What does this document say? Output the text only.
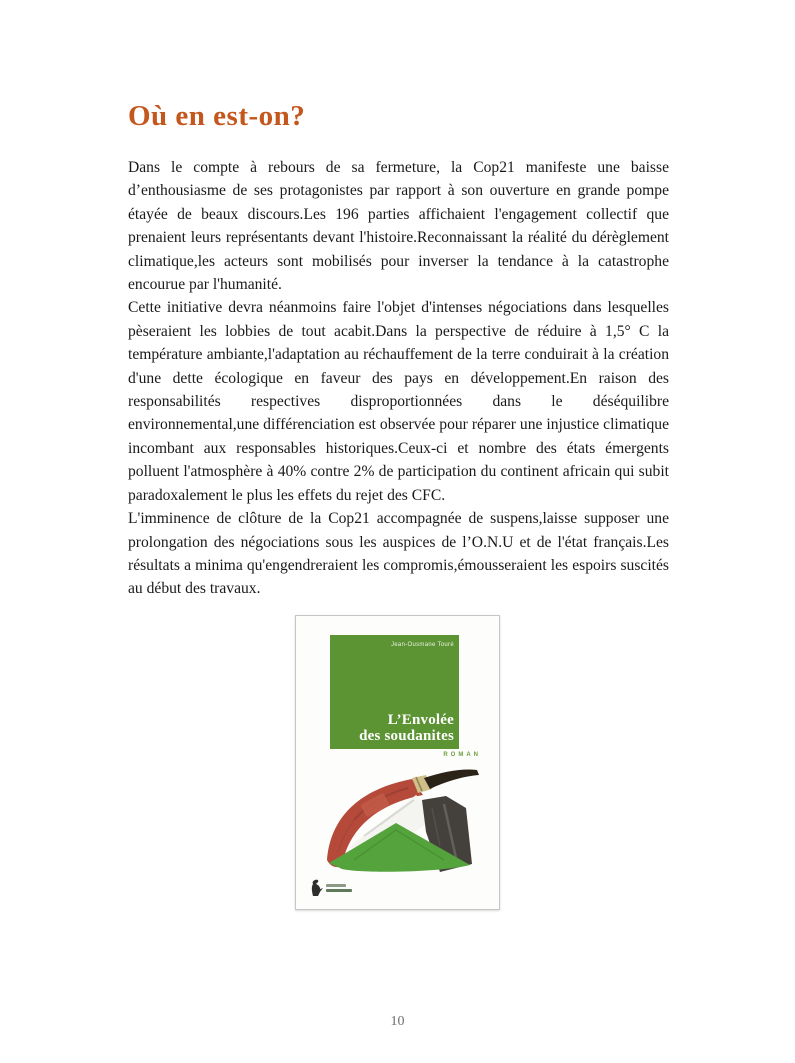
Où en est-on?

Dans le compte à rebours de sa fermeture, la Cop21 manifeste une baisse d’enthousiasme de ses protagonistes par rapport à son ouverture en grande pompe étayée de beaux discours.Les 196 parties affichaient l'engagement collectif que prenaient leurs représentants devant l'histoire.Reconnaissant la réalité du dérèglement climatique,les acteurs sont mobilisés pour inverser la tendance à la catastrophe encourue par l'humanité.

Cette initiative devra néanmoins faire l'objet d'intenses négociations dans lesquelles pèseraient les lobbies de tout acabit.Dans la perspective de réduire à 1,5° C la température ambiante,l'adaptation au réchauffement de la terre conduirait à la création d'une dette écologique en faveur des pays en développement.En raison des responsabilités respectives disproportionnées dans le déséquilibre environnemental,une différenciation est observée pour réparer une injustice climatique incombant aux responsables historiques.Ceux-ci et nombre des états émergents polluent l'atmosphère à 40% contre 2% de participation du continent africain qui subit paradoxalement le plus les effets du rejet des CFC.

L'imminence de clôture de la Cop21 accompagnée de suspens,laisse supposer une prolongation des négociations sous les auspices de l’O.N.U et de l'état français.Les résultats a minima qu'engendreraient les compromis,émousseraient les espoirs suscités au début des travaux.

Jean-Ousmane Touré
L’Envolée
des soudanites
ROMAN
10
